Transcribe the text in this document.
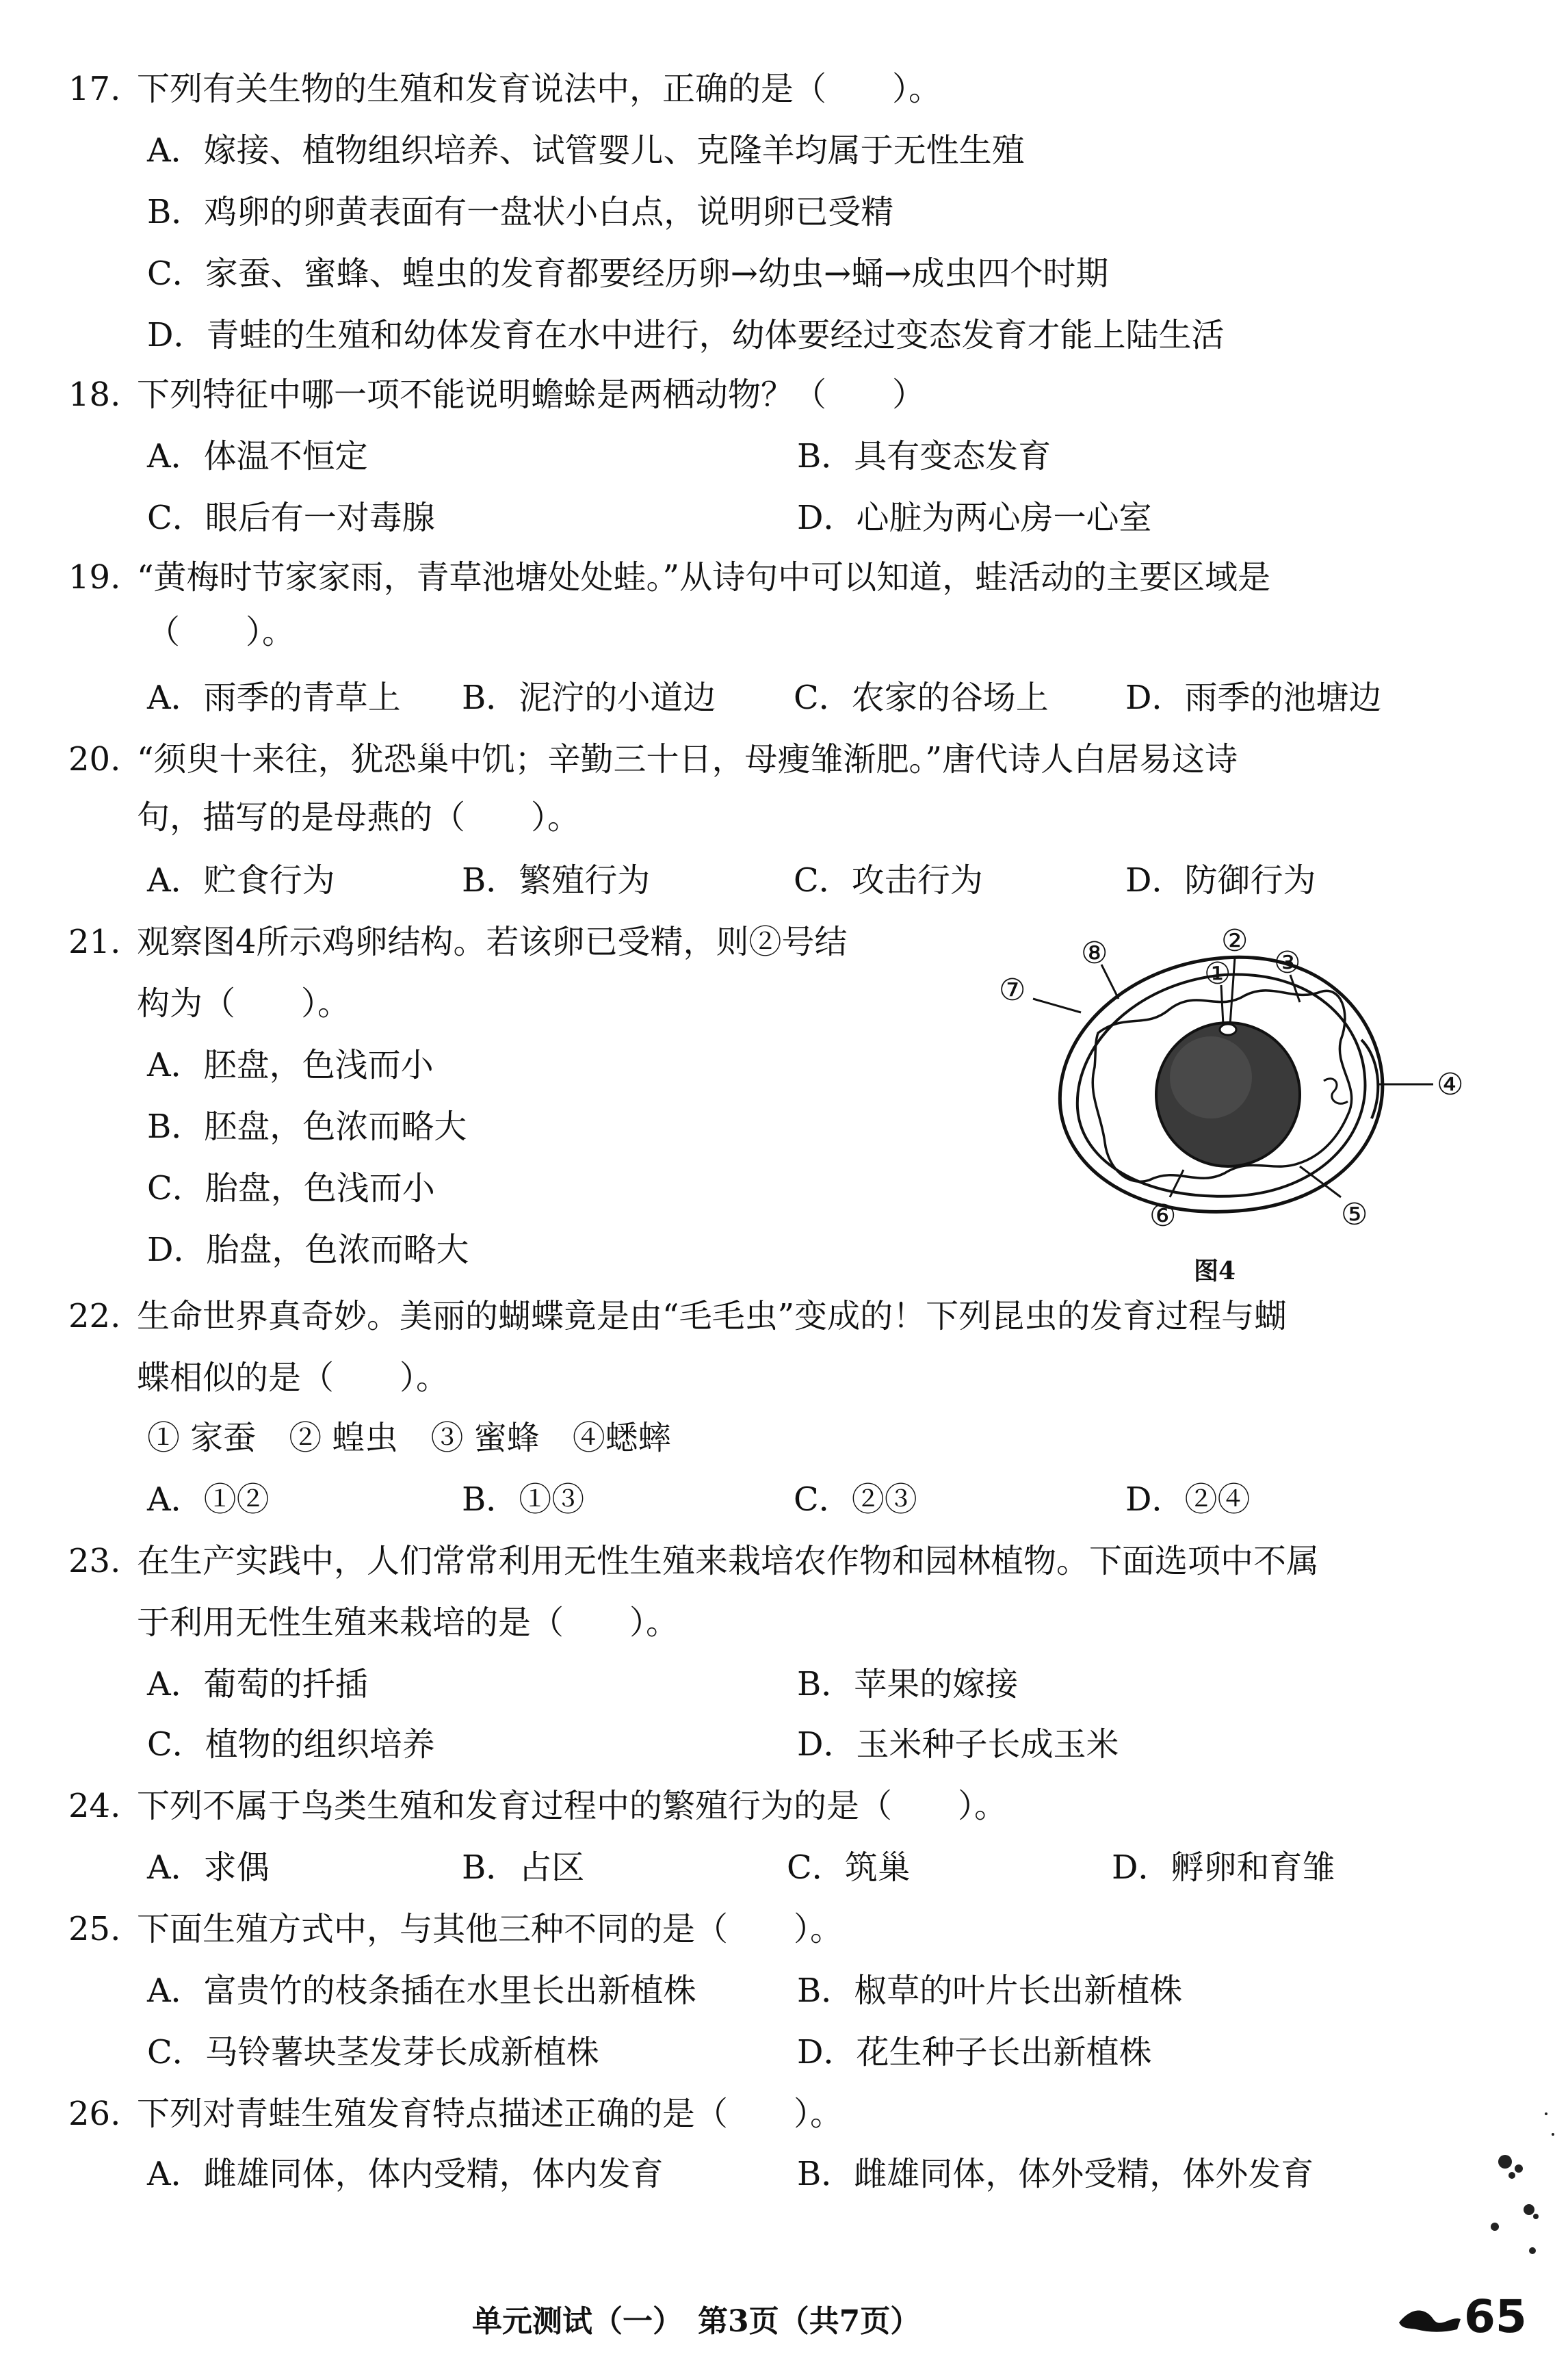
17. 下列有关生物的生殖和发育说法中，正确的是（　　）。
A．嫁接、植物组织培养、试管婴儿、克隆羊均属于无性生殖
B．鸡卵的卵黄表面有一盘状小白点，说明卵已受精
C．家蚕、蜜蜂、蝗虫的发育都要经历卵→幼虫→蛹→成虫四个时期
D．青蛙的生殖和幼体发育在水中进行，幼体要经过变态发育才能上陆生活
18. 下列特征中哪一项不能说明蟾蜍是两栖动物？（　　）
A．体温不恒定	B．具有变态发育
C．眼后有一对毒腺	D．心脏为两心房一心室
19. “黄梅时节家家雨，青草池塘处处蛙。”从诗句中可以知道，蛙活动的主要区域是
（　　）。
A．雨季的青草上 B．泥泞的小道边 C．农家的谷场上 D．雨季的池塘边
20. “须臾十来往，犹恐巢中饥；辛勤三十日，母瘦雏渐肥。”唐代诗人白居易这诗
句，描写的是母燕的（　　）。
A．贮食行为	B．繁殖行为	C．攻击行为	D．防御行为
21. 观察图4所示鸡卵结构。若该卵已受精，则②号结
构为（　　）。
A．胚盘，色浅而小
B．胚盘，色浓而略大
C．胎盘，色浅而小
D．胎盘，色浓而略大
①
②
③
④
⑤
⑥
⑦
⑧
图4
22. 生命世界真奇妙。美丽的蝴蝶竟是由“毛毛虫”变成的！下列昆虫的发育过程与蝴
蝶相似的是（　　）。
① 家蚕　② 蝗虫　③ 蜜蜂　④蟋蟀
A．①②	B．①③	C．②③	D．②④
23. 在生产实践中，人们常常利用无性生殖来栽培农作物和园林植物。下面选项中不属
于利用无性生殖来栽培的是（　　）。
A．葡萄的扦插	B．苹果的嫁接
C．植物的组织培养	D．玉米种子长成玉米
24. 下列不属于鸟类生殖和发育过程中的繁殖行为的是（　　）。
A．求偶	B．占区	C．筑巢	D．孵卵和育雏
25. 下面生殖方式中，与其他三种不同的是（　　）。
A．富贵竹的枝条插在水里长出新植株	B．椒草的叶片长出新植株
C．马铃薯块茎发芽长成新植株	D．花生种子长出新植株
26. 下列对青蛙生殖发育特点描述正确的是（　　）。
A．雌雄同体，体内受精，体内发育	B．雌雄同体，体外受精，体外发育
单元测试（一）　第3页（共7页）	65
